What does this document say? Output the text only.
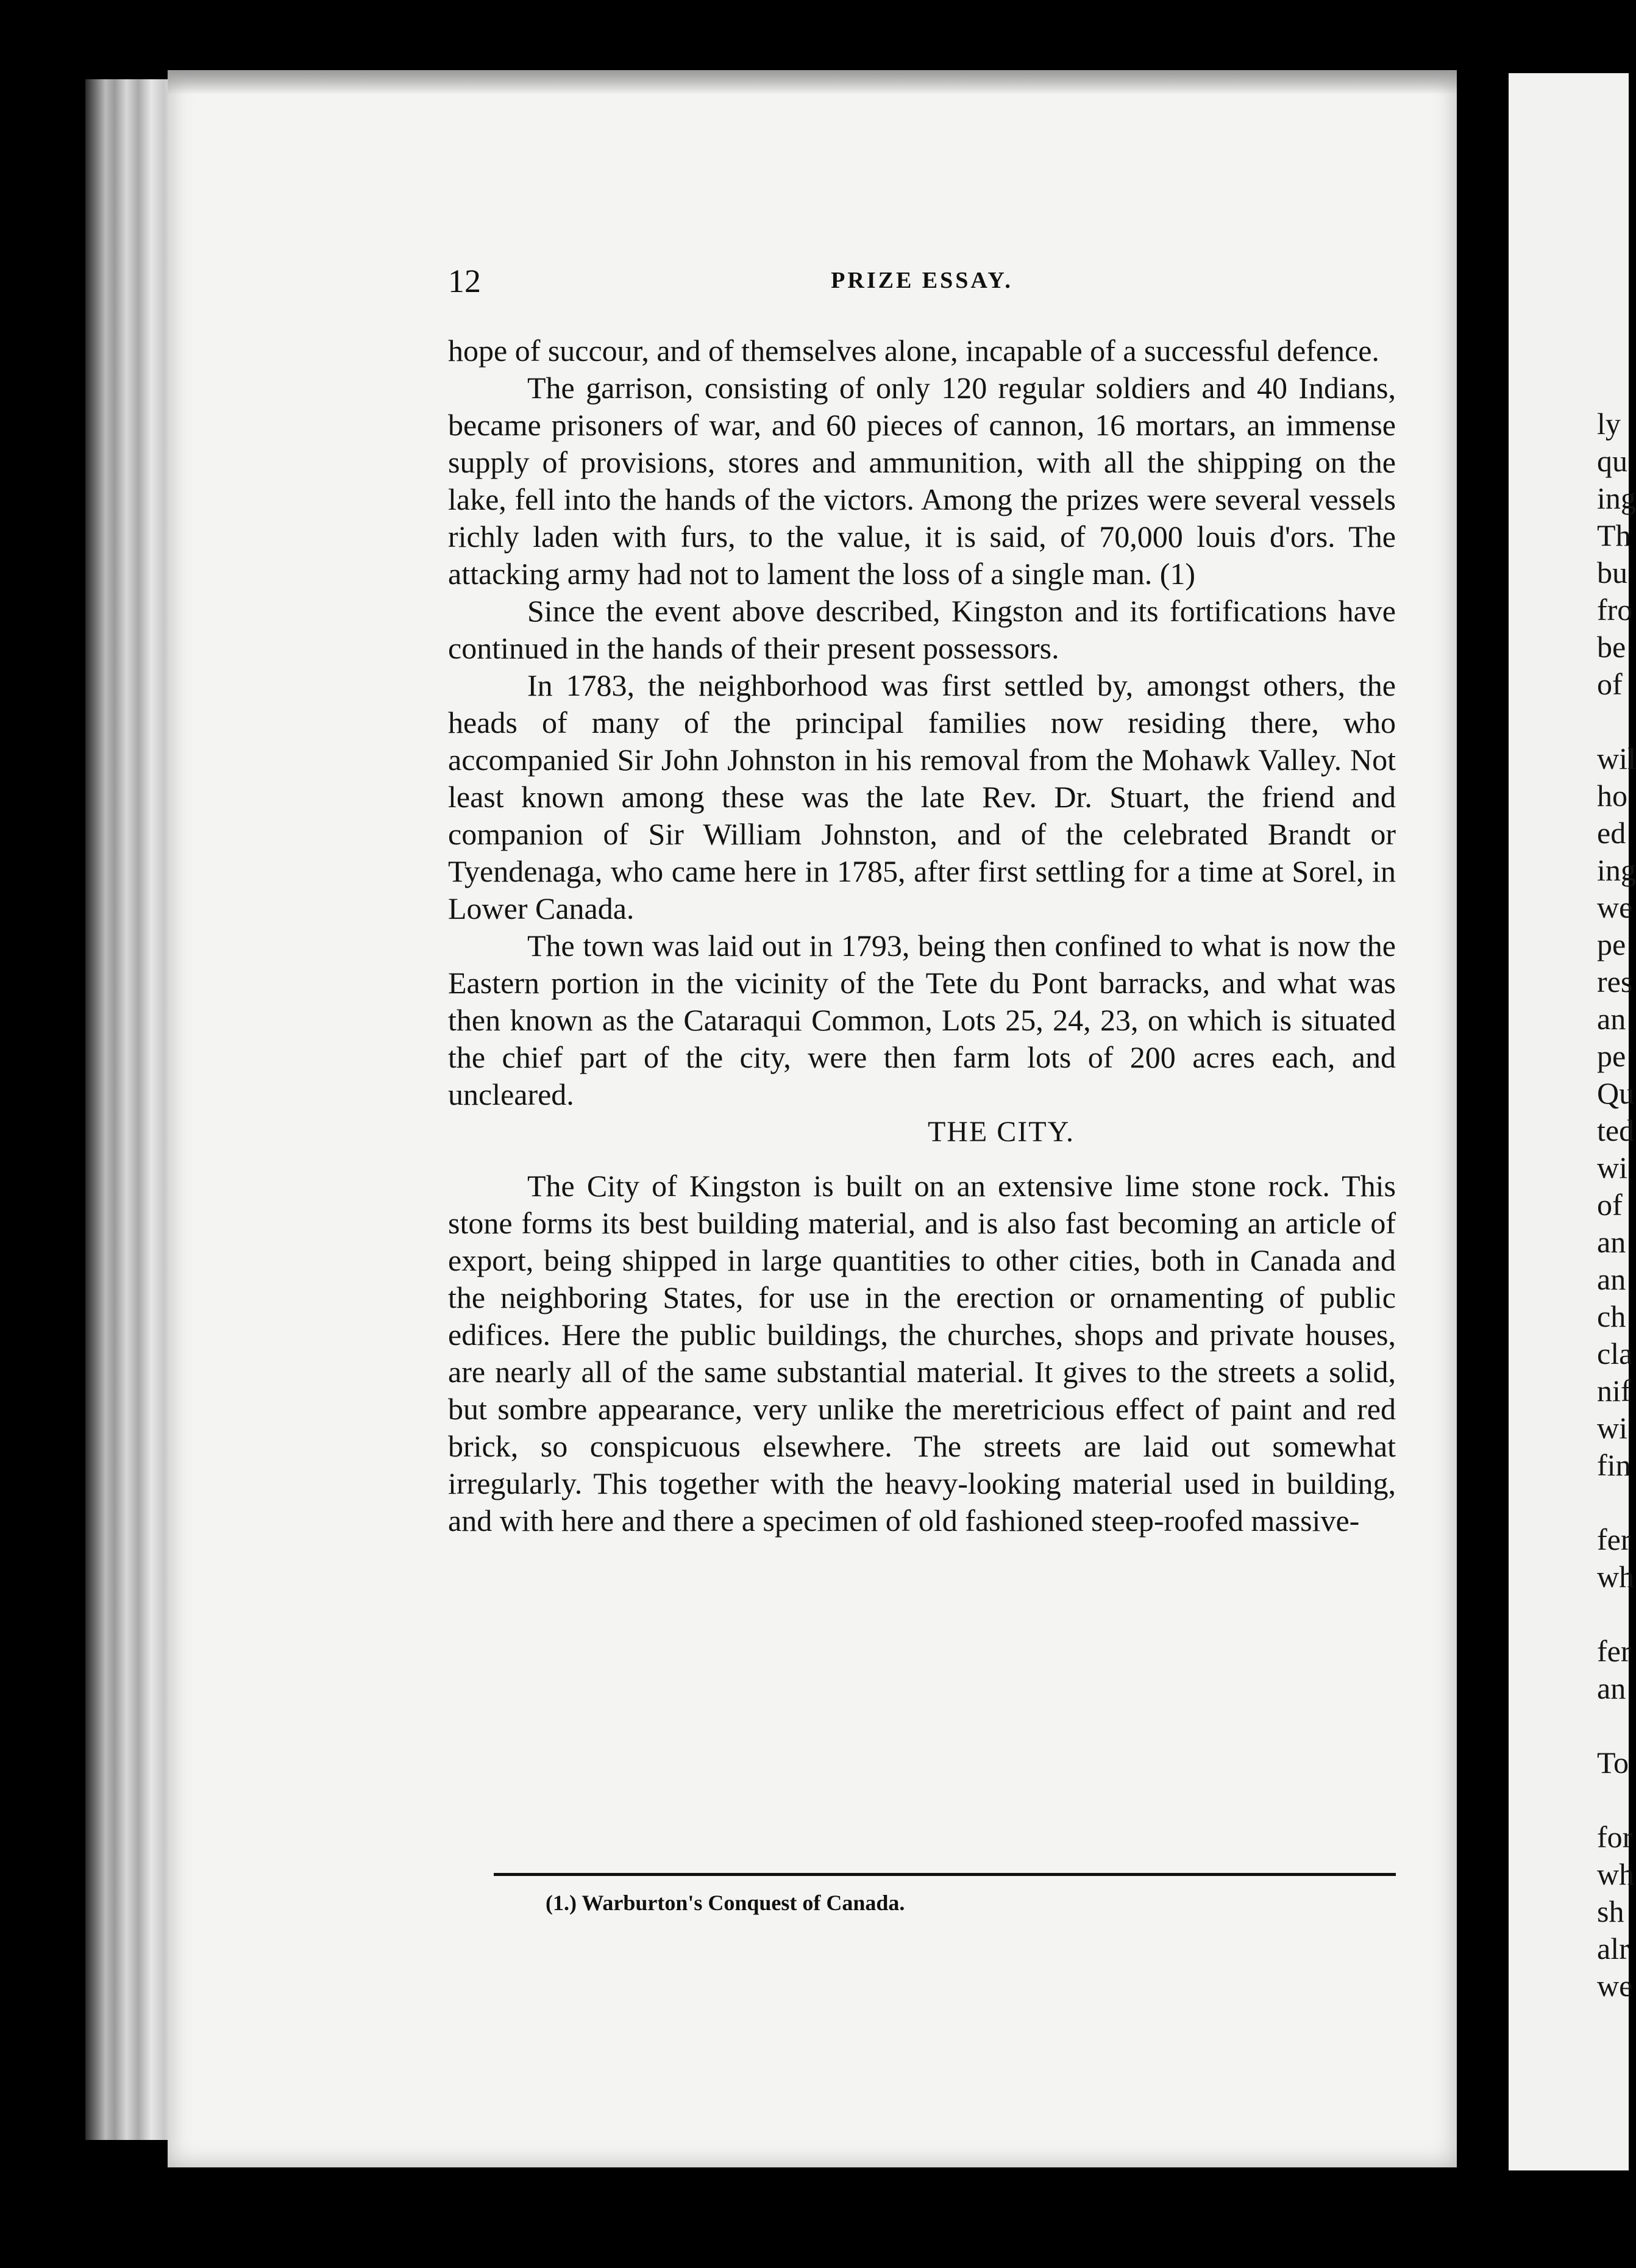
ly
qu
ing
Th
bu
fro
be
of
wil
ho
ed
ing
we
pe
res
an
pe
Qu
ted
wi
of
an
an
ch
cla
nif
wi
fin
fer
wh
fer
an
To
for
wh
sh
alr
we
12	PRIZE ESSAY.

hope of succour, and of themselves alone, incapable of a successful defence.

The garrison, consisting of only 120 regular soldiers and 40 Indians, became prisoners of war, and 60 pieces of cannon, 16 mortars, an immense supply of provisions, stores and ammunition, with all the shipping on the lake, fell into the hands of the victors. Among the prizes were several vessels richly laden with furs, to the value, it is said, of 70,000 louis d'ors. The attacking army had not to lament the loss of a single man. (1)

Since the event above described, Kingston and its fortifications have continued in the hands of their present possessors.

In 1783, the neighborhood was first settled by, amongst others, the heads of many of the principal families now residing there, who accompanied Sir John Johnston in his removal from the Mohawk Valley. Not least known among these was the late Rev. Dr. Stuart, the friend and companion of Sir William Johnston, and of the celebrated Brandt or Tyendenaga, who came here in 1785, after first settling for a time at Sorel, in Lower Canada.

The town was laid out in 1793, being then confined to what is now the Eastern portion in the vicinity of the Tete du Pont barracks, and what was then known as the Cataraqui Common, Lots 25, 24, 23, on which is situated the chief part of the city, were then farm lots of 200 acres each, and uncleared.

THE CITY.

The City of Kingston is built on an extensive lime stone rock. This stone forms its best building material, and is also fast becoming an article of export, being shipped in large quantities to other cities, both in Canada and the neighboring States, for use in the erection or ornamenting of public edifices. Here the public buildings, the churches, shops and private houses, are nearly all of the same substantial material. It gives to the streets a solid, but sombre appearance, very unlike the meretricious effect of paint and red brick, so conspicuous elsewhere. The streets are laid out somewhat irregularly. This together with the heavy-looking material used in building, and with here and there a specimen of old fashioned steep-roofed massive-

(1.) Warburton's Conquest of Canada.
